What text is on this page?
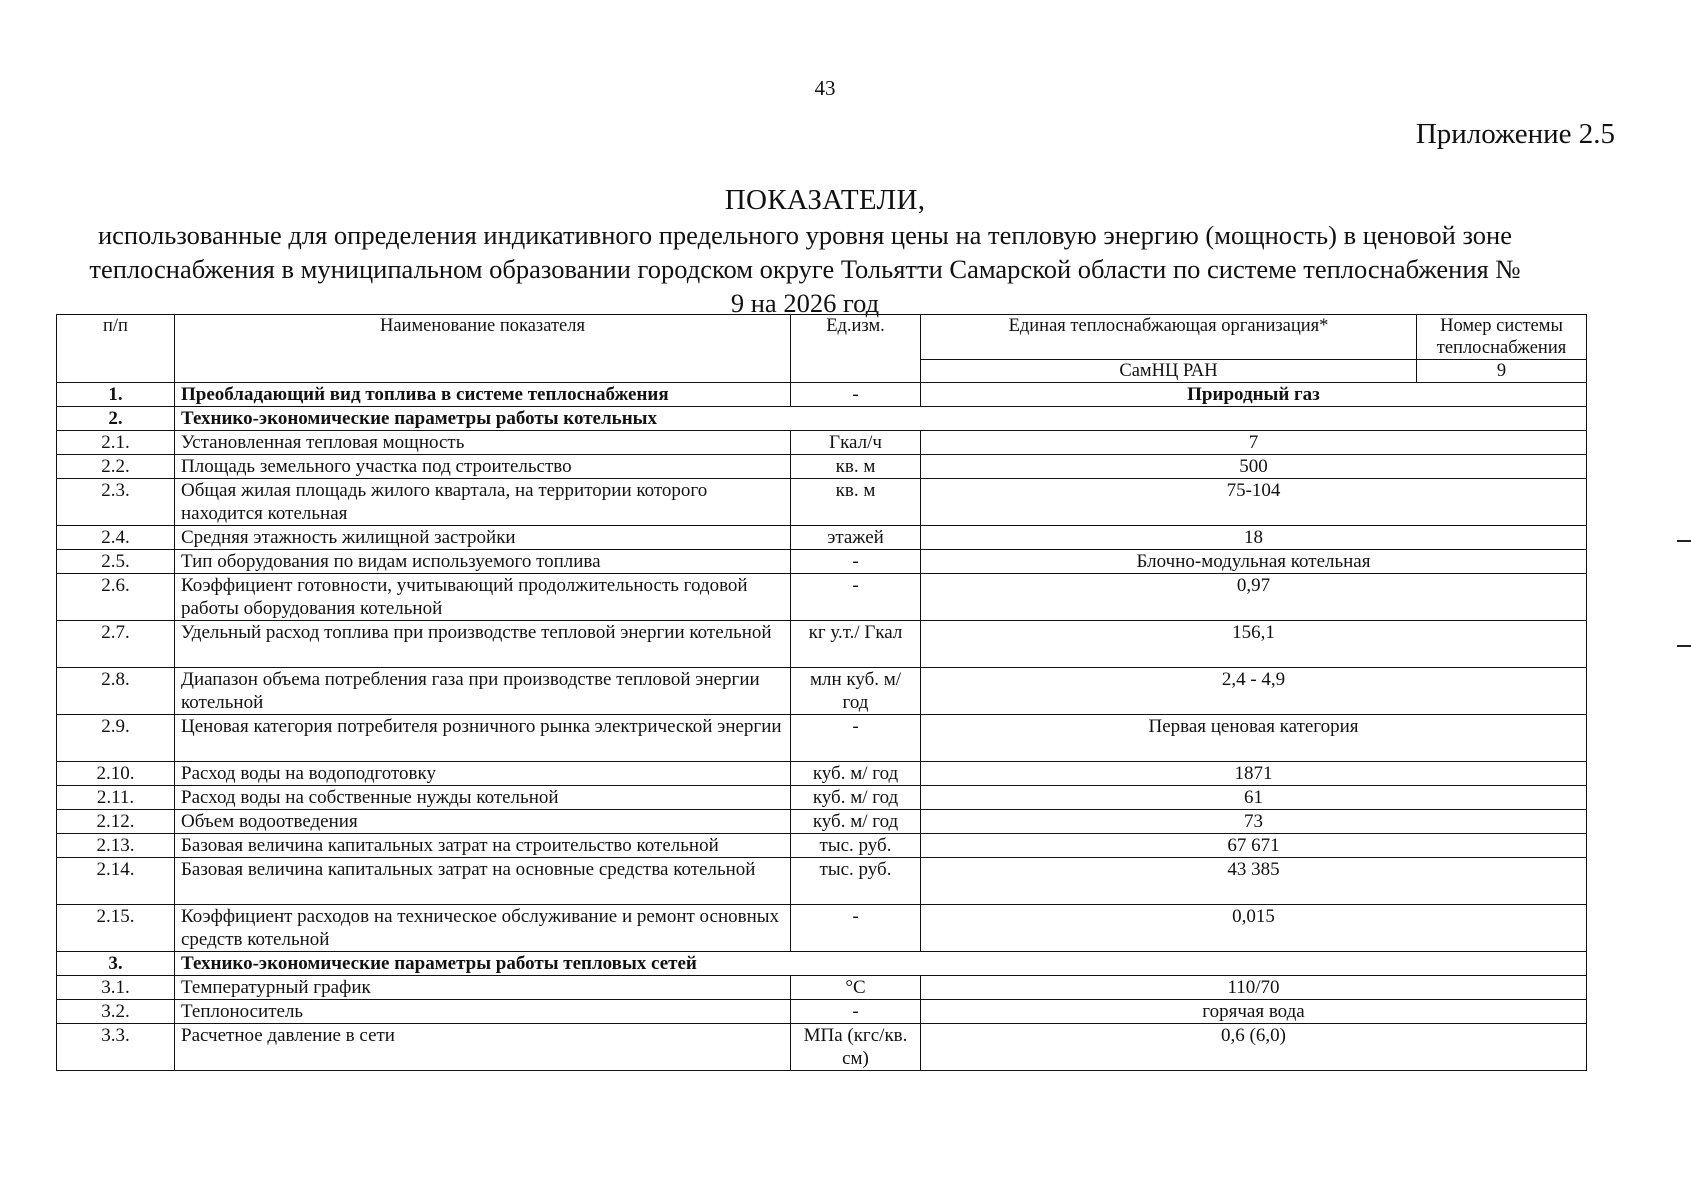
43
Приложение 2.5
ПОКАЗАТЕЛИ,
использованные для определения индикативного предельного уровня цены на тепловую энергию (мощность) в ценовой зоне теплоснабжения в муниципальном образовании городском округе Тольятти Самарской области по системе теплоснабжения № 9 на 2026 год
п/п	Наименование показателя	Ед.изм.	Единая теплоснабжающая организация*	Номер системы теплоснабжения
			СамНЦ РАН	9
1.	Преобладающий вид топлива в системе теплоснабжения	-	Природный газ	
2.	Технико-экономические параметры работы котельных			
2.1.	Установленная тепловая мощность	Гкал/ч	7	
2.2.	Площадь земельного участка под строительство	кв. м	500	
2.3.	Общая жилая площадь жилого квартала, на территории которого находится котельная	кв. м	75-104	
2.4.	Средняя этажность жилищной застройки	этажей	18	
2.5.	Тип оборудования по видам используемого топлива	-	Блочно-модульная котельная	
2.6.	Коэффициент готовности, учитывающий продолжительность годовой работы оборудования котельной	-	0,97	
2.7.	Удельный расход топлива при производстве тепловой энергии котельной	кг у.т./ Гкал	156,1	
2.8.	Диапазон объема потребления газа при производстве тепловой энергии котельной	млн куб. м/год	2,4 - 4,9	
2.9.	Ценовая категория потребителя розничного рынка электрической энергии	-	Первая ценовая категория	
2.10.	Расход воды на водоподготовку	куб. м/ год	1871	
2.11.	Расход воды на собственные нужды котельной	куб. м/ год	61	
2.12.	Объем водоотведения	куб. м/ год	73	
2.13.	Базовая величина капитальных затрат на строительство котельной	тыс. руб.	67 671	
2.14.	Базовая величина капитальных затрат на основные средства котельной	тыс. руб.	43 385	
2.15.	Коэффициент расходов на техническое обслуживание и ремонт основных средств котельной	-	0,015	
3.	Технико-экономические параметры работы тепловых сетей			
3.1.	Температурный график	°С	110/70	
3.2.	Теплоноситель	-	горячая вода	
3.3.	Расчетное давление в сети	МПа (кгс/кв. см)	0,6 (6,0)	
